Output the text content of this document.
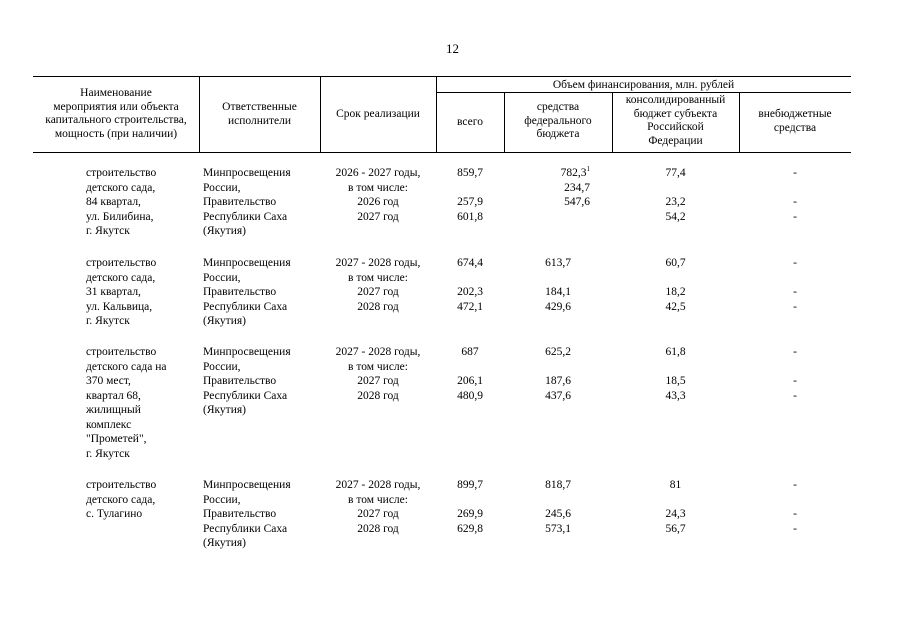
12
Наименование
мероприятия или объекта
капитального строительства,
мощность (при наличии)
Ответственные
исполнители
Срок реализации
Объем финансирования, млн. рублей
всего
средства
федерального
бюджета
консолидированный
бюджет субъекта
Российской
Федерации
внебюджетные
средства
строительство
детского сада,
84 квартал,
ул. Билибина,
г. Якутск
Минпросвещения
России,
Правительство
Республики Саха
(Якутия)
2026 - 2027 годы,
в том числе:
2026 год
2027 год
859,7

257,9
601,8
782,3$^1$
234,7
547,6
77,4

23,2
54,2
-

-
-
строительство
детского сада,
31 квартал,
ул. Кальвица,
г. Якутск
Минпросвещения
России,
Правительство
Республики Саха
(Якутия)
2027 - 2028 годы,
в том числе:
2027 год
2028 год
674,4

202,3
472,1
613,7

184,1
429,6
60,7

18,2
42,5
-

-
-
строительство
детского сада на
370 мест,
квартал 68,
жилищный
комплекс
"Прометей",
г. Якутск
Минпросвещения
России,
Правительство
Республики Саха
(Якутия)
2027 - 2028 годы,
в том числе:
2027 год
2028 год
687

206,1
480,9
625,2

187,6
437,6
61,8

18,5
43,3
-

-
-
строительство
детского сада,
с. Тулагино
Минпросвещения
России,
Правительство
Республики Саха
(Якутия)
2027 - 2028 годы,
в том числе:
2027 год
2028 год
899,7

269,9
629,8
818,7

245,6
573,1
81

24,3
56,7
-

-
-
